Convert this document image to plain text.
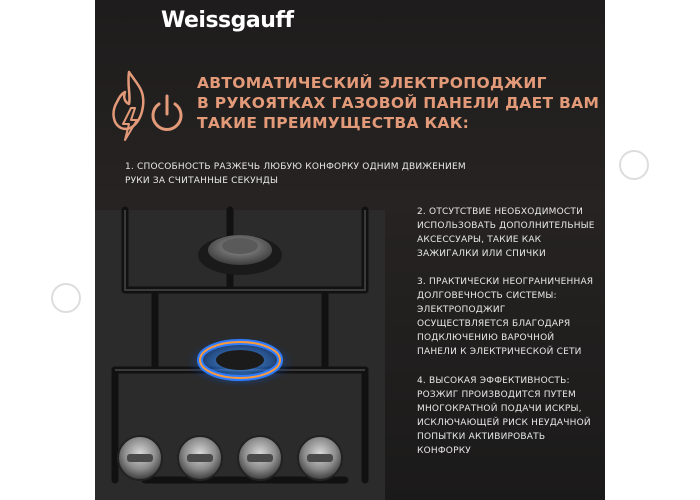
Weissgauff
АВТОМАТИЧЕСКИЙ ЭЛЕКТРОПОДЖИГ
В РУКОЯТКАХ ГАЗОВОЙ ПАНЕЛИ ДАЕТ ВАМ
ТАКИЕ ПРЕИМУЩЕСТВА КАК:
1. СПОСОБНОСТЬ РАЗЖЕЧЬ ЛЮБУЮ КОНФОРКУ ОДНИМ ДВИЖЕНИЕМ РУКИ ЗА СЧИТАННЫЕ СЕКУНДЫ
2. ОТСУТСТВИЕ НЕОБХОДИМОСТИ ИСПОЛЬЗОВАТЬ ДОПОЛНИТЕЛЬНЫЕ АКСЕССУАРЫ, ТАКИЕ КАК ЗАЖИГАЛКИ ИЛИ СПИЧКИ
3. ПРАКТИЧЕСКИ НЕОГРАНИЧЕННАЯ ДОЛГОВЕЧНОСТЬ СИСТЕМЫ: ЭЛЕКТРОПОДЖИГ ОСУЩЕСТВЛЯЕТСЯ БЛАГОДАРЯ ПОДКЛЮЧЕНИЮ ВАРОЧНОЙ ПАНЕЛИ К ЭЛЕКТРИЧЕСКОЙ СЕТИ
4. ВЫСОКАЯ ЭФФЕКТИВНОСТЬ: РОЗЖИГ ПРОИЗВОДИТСЯ ПУТЕМ МНОГОКРАТНОЙ ПОДАЧИ ИСКРЫ, ИСКЛЮЧАЮЩЕЙ РИСК НЕУДАЧНОЙ ПОПЫТКИ АКТИВИРОВАТЬ КОНФОРКУ
